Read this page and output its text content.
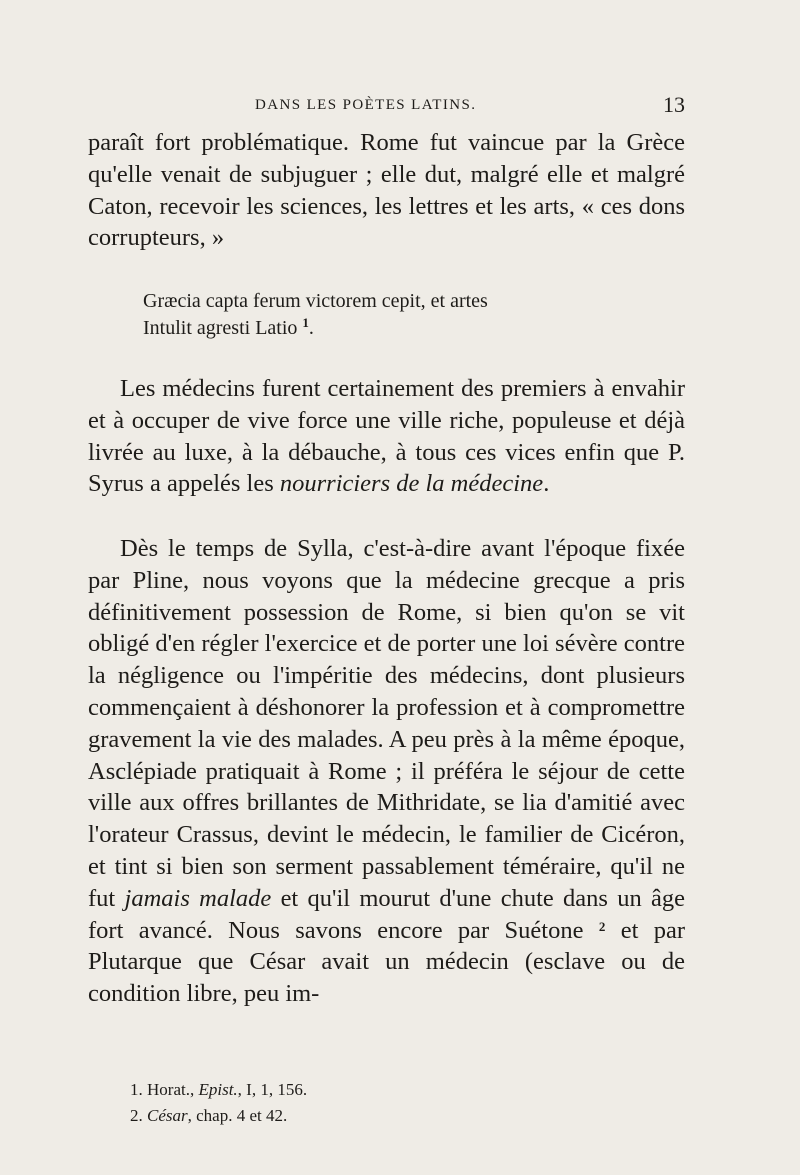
DANS LES POÈTES LATINS.	13

paraît fort problématique. Rome fut vaincue par la Grèce qu'elle venait de subjuguer ; elle dut, malgré elle et malgré Caton, recevoir les sciences, les lettres et les arts, « ces dons corrupteurs, »

Græcia capta ferum victorem cepit, et artes
Intulit agresti Latio $^1$.

Les médecins furent certainement des premiers à envahir et à occuper de vive force une ville riche, populeuse et déjà livrée au luxe, à la débauche, à tous ces vices enfin que P. Syrus a appelés les nourriciers de la médecine.

Dès le temps de Sylla, c'est-à-dire avant l'époque fixée par Pline, nous voyons que la médecine grecque a pris définitivement possession de Rome, si bien qu'on se vit obligé d'en régler l'exercice et de porter une loi sévère contre la négligence ou l'impéritie des médecins, dont plusieurs commençaient à déshonorer la profession et à compromettre gravement la vie des malades. A peu près à la même époque, Asclépiade pratiquait à Rome ; il préféra le séjour de cette ville aux offres brillantes de Mithridate, se lia d'amitié avec l'orateur Crassus, devint le médecin, le familier de Cicéron, et tint si bien son serment passablement téméraire, qu'il ne fut jamais malade et qu'il mourut d'une chute dans un âge fort avancé. Nous savons encore par Suétone $^2$ et par Plutarque que César avait un médecin (esclave ou de condition libre, peu im-

1. Horat., Epist., I, 1, 156.
2. César, chap. 4 et 42.
